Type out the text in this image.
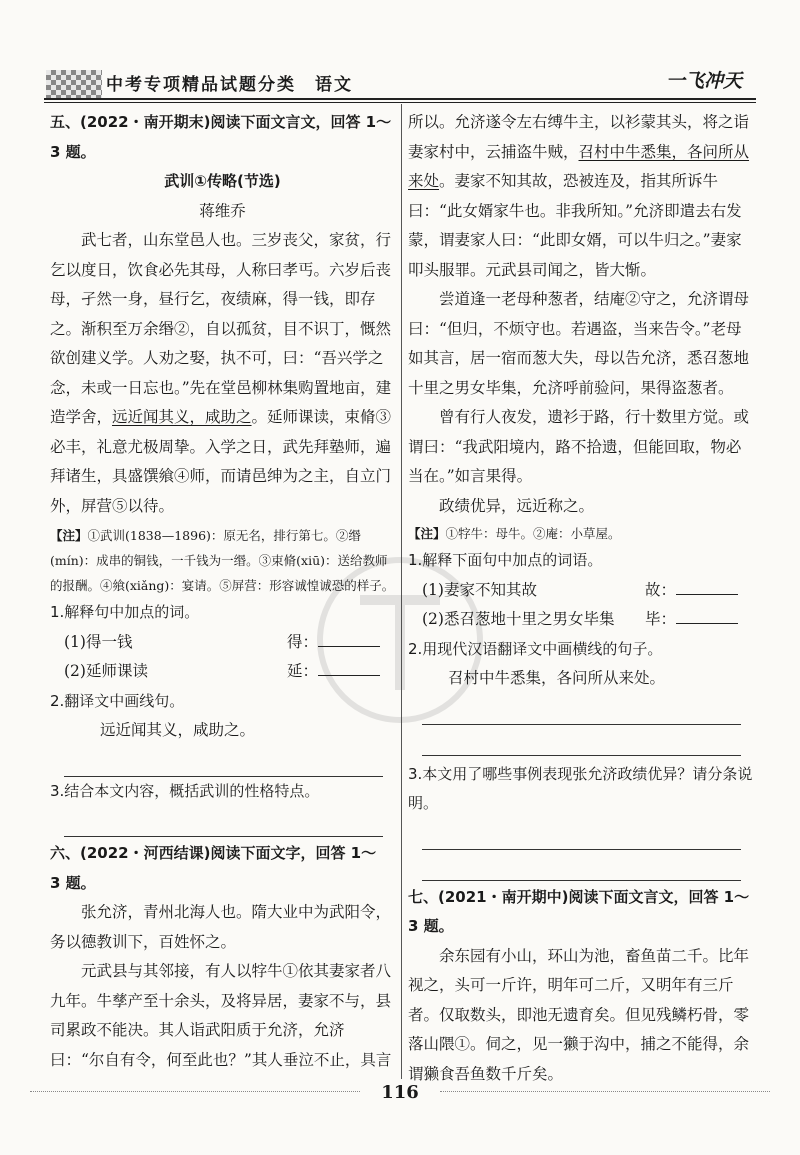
中考专项精品试题分类　语文	一飞冲天

五、(2022・南开期末)阅读下面文言文，回答 1～

3 题。

武训①传略(节选)

蒋维乔

武七者，山东堂邑人也。三岁丧父，家贫，行乞以度日，饮食必先其母，人称曰孝丐。六岁后丧母，孑然一身，昼行乞，夜绩麻，得一钱，即存之。渐积至万余缗②，自以孤贫，目不识丁，慨然欲创建义学。人劝之娶，执不可，曰：“吾兴学之念，未或一日忘也。”先在堂邑柳林集购置地亩，建造学舍，远近闻其义，咸助之。延师课读，束脩③必丰，礼意尤极周挚。入学之日，武先拜塾师，遍拜诸生，具盛馔飨④师，而请邑绅为之主，自立门外，屏营⑤以待。

【注】①武训(1838—1896)：原无名，排行第七。②缗(mín)：成串的铜钱，一千钱为一缗。③束脩(xiū)：送给教师的报酬。④飨(xiǎng)：宴请。⑤屏营：形容诚惶诚恐的样子。

1.解释句中加点的词。

(1)得一钱	得：
(2)延师课读	延：

2.翻译文中画线句。

远近闻其义，咸助之。

3.结合本文内容，概括武训的性格特点。

六、(2022・河西结课)阅读下面文字，回答 1～

3 题。

张允济，青州北海人也。隋大业中为武阳令，务以德教训下，百姓怀之。

元武县与其邻接，有人以牸牛①依其妻家者八九年。牛孳产至十余头，及将异居，妻家不与，县司累政不能决。其人诣武阳质于允济，允济曰：“尔自有令，何至此也？”其人垂泣不止，具言

所以。允济遂令左右缚牛主，以衫蒙其头，将之诣妻家村中，云捕盗牛贼，召村中牛悉集，各问所从来处。妻家不知其故，恐被连及，指其所诉牛曰：“此女婿家牛也。非我所知。”允济即遣去右发蒙，谓妻家人曰：“此即女婿，可以牛归之。”妻家叩头服罪。元武县司闻之，皆大惭。

尝道逢一老母种葱者，结庵②守之，允济谓母曰：“但归，不烦守也。若遇盗，当来告令。”老母如其言，居一宿而葱大失，母以告允济，悉召葱地十里之男女毕集，允济呼前验问，果得盗葱者。

曾有行人夜发，遗衫于路，行十数里方觉。或谓曰：“我武阳境内，路不拾遗，但能回取，物必当在。”如言果得。

政绩优异，远近称之。

【注】①牸牛：母牛。②庵：小草屋。

1.解释下面句中加点的词语。

(1)妻家不知其故	故：
(2)悉召葱地十里之男女毕集	毕：

2.用现代汉语翻译文中画横线的句子。

召村中牛悉集，各问所从来处。

3.本文用了哪些事例表现张允济政绩优异？请分条说明。

七、(2021・南开期中)阅读下面文言文，回答 1～

3 题。

余东园有小山，环山为池，畜鱼苗二千。比年视之，头可一斤许，明年可二斤，又明年有三斤者。仅取数头，即池无遗育矣。但见残鳞朽骨，零落山隈①。伺之，见一獭于沟中，捕之不能得，余谓獭食吾鱼数千斤矣。

116
